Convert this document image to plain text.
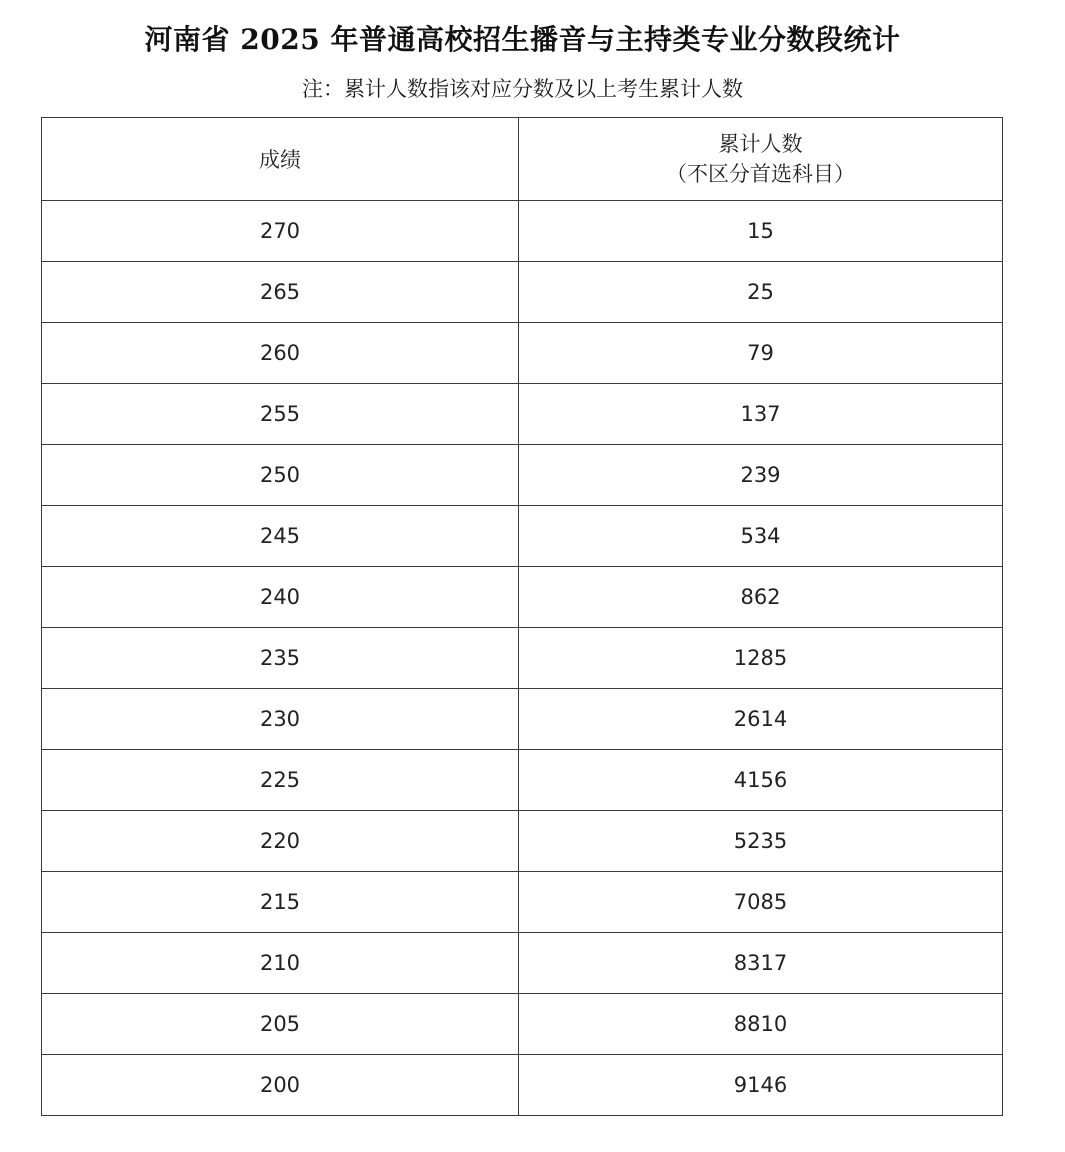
河南省 2025 年普通高校招生播音与主持类专业分数段统计
注：累计人数指该对应分数及以上考生累计人数
成绩	累计人数
（不区分首选科目）

270	15
265	25
260	79
255	137
250	239
245	534
240	862
235	1285
230	2614
225	4156
220	5235
215	7085
210	8317
205	8810
200	9146
